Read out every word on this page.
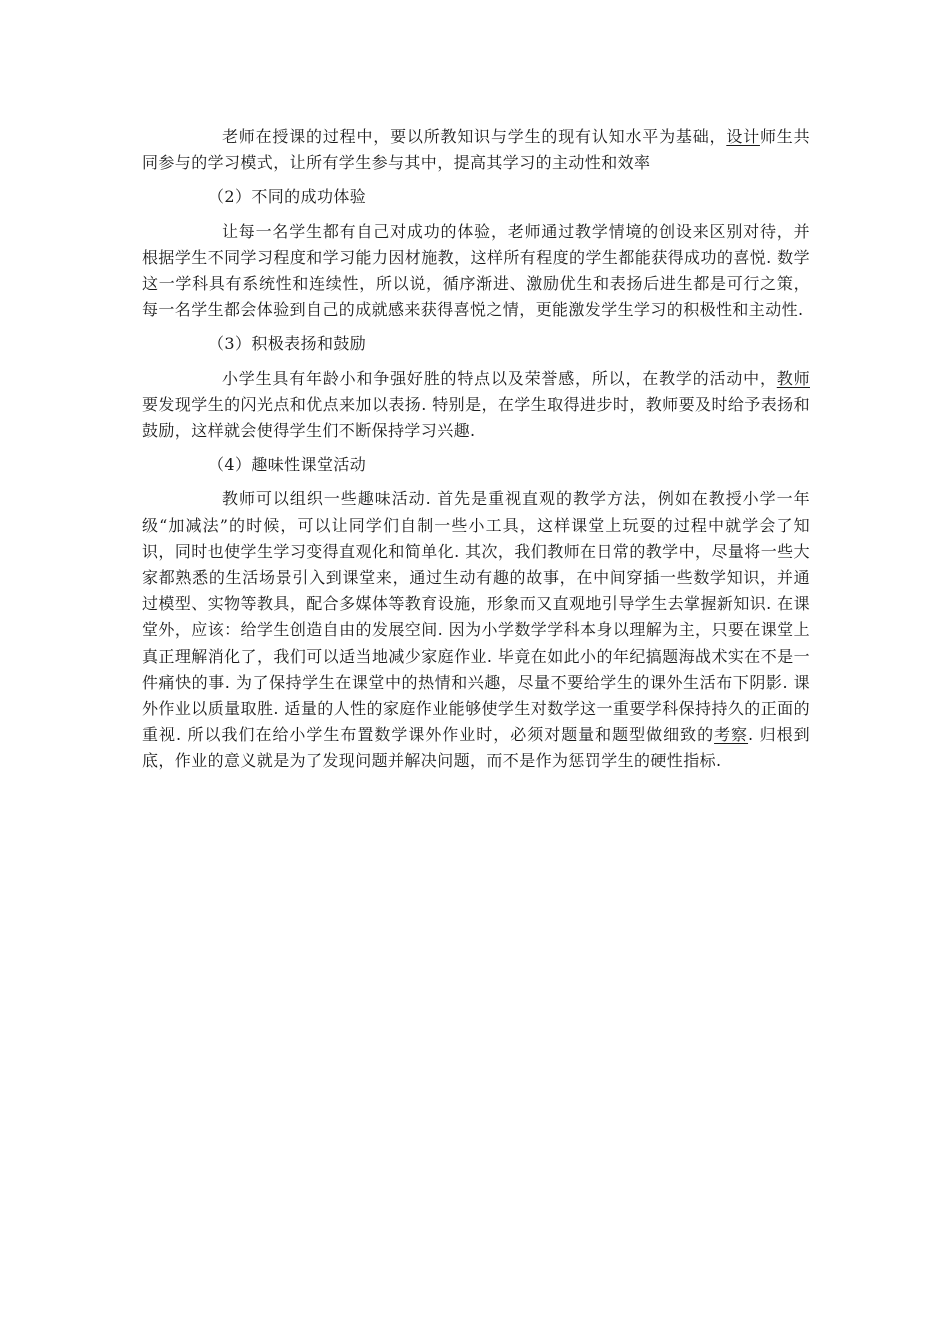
老师在授课的过程中，要以所教知识与学生的现有认知水平为基础，设计师生共同参与的学习模式，让所有学生参与其中，提高其学习的主动性和效率

（2）不同的成功体验

让每一名学生都有自己对成功的体验，老师通过教学情境的创设来区别对待，并根据学生不同学习程度和学习能力因材施教，这样所有程度的学生都能获得成功的喜悦. 数学这一学科具有系统性和连续性，所以说，循序渐进、激励优生和表扬后进生都是可行之策，每一名学生都会体验到自己的成就感来获得喜悦之情，更能激发学生学习的积极性和主动性.

（3）积极表扬和鼓励

小学生具有年龄小和争强好胜的特点以及荣誉感，所以，在教学的活动中，教师要发现学生的闪光点和优点来加以表扬. 特别是，在学生取得进步时，教师要及时给予表扬和鼓励，这样就会使得学生们不断保持学习兴趣.

（4）趣味性课堂活动

教师可以组织一些趣味活动. 首先是重视直观的教学方法，例如在教授小学一年级“加减法”的时候，可以让同学们自制一些小工具，这样课堂上玩耍的过程中就学会了知识，同时也使学生学习变得直观化和简单化. 其次，我们教师在日常的教学中，尽量将一些大家都熟悉的生活场景引入到课堂来，通过生动有趣的故事，在中间穿插一些数学知识，并通过模型、实物等教具，配合多媒体等教育设施，形象而又直观地引导学生去掌握新知识. 在课堂外，应该：给学生创造自由的发展空间. 因为小学数学学科本身以理解为主，只要在课堂上真正理解消化了，我们可以适当地减少家庭作业. 毕竟在如此小的年纪搞题海战术实在不是一件痛快的事. 为了保持学生在课堂中的热情和兴趣，尽量不要给学生的课外生活布下阴影. 课外作业以质量取胜. 适量的人性的家庭作业能够使学生对数学这一重要学科保持持久的正面的重视. 所以我们在给小学生布置数学课外作业时，必须对题量和题型做细致的考察. 归根到底，作业的意义就是为了发现问题并解决问题，而不是作为惩罚学生的硬性指标.
